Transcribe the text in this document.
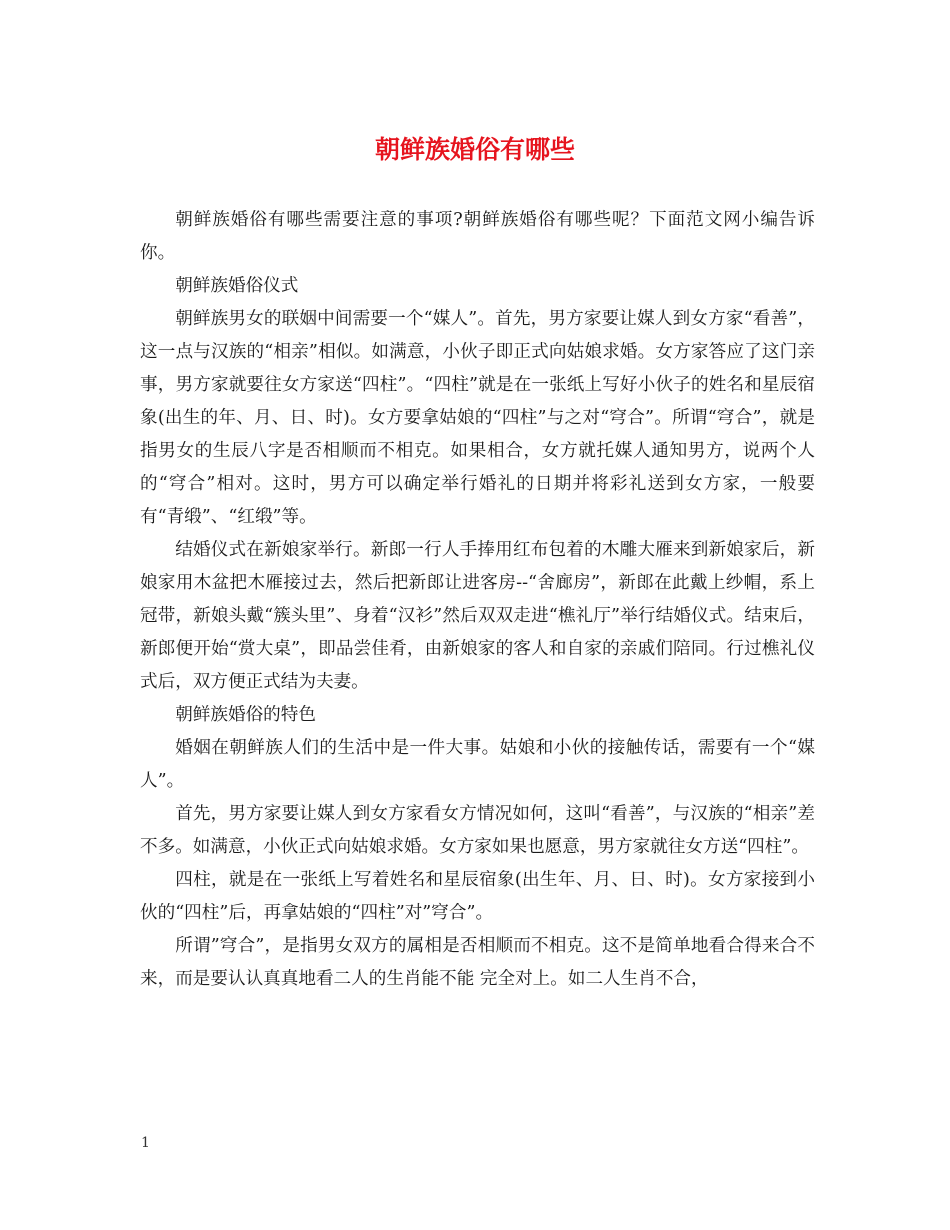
朝鲜族婚俗有哪些

朝鲜族婚俗有哪些需要注意的事项?朝鲜族婚俗有哪些呢？下面范文网小编告诉你。

朝鲜族婚俗仪式

朝鲜族男女的联姻中间需要一个“媒人”。首先，男方家要让媒人到女方家“看善”，这一点与汉族的“相亲”相似。如满意，小伙子即正式向姑娘求婚。女方家答应了这门亲事，男方家就要往女方家送“四柱”。“四柱”就是在一张纸上写好小伙子的姓名和星辰宿象(出生的年、月、日、时)。女方要拿姑娘的“四柱”与之对“穹合”。所谓“穹合”，就是指男女的生辰八字是否相顺而不相克。如果相合，女方就托媒人通知男方，说两个人的“穹合”相对。这时，男方可以确定举行婚礼的日期并将彩礼送到女方家，一般要有“青缎”、“红缎”等。

结婚仪式在新娘家举行。新郎一行人手捧用红布包着的木雕大雁来到新娘家后，新娘家用木盆把木雁接过去，然后把新郎让进客房--“舍廊房”，新郎在此戴上纱帽，系上冠带，新娘头戴“簇头里”、身着“汉衫”然后双双走进“樵礼厅”举行结婚仪式。结束后，新郎便开始“赏大桌”，即品尝佳肴，由新娘家的客人和自家的亲戚们陪同。行过樵礼仪式后，双方便正式结为夫妻。

朝鲜族婚俗的特色

婚姻在朝鲜族人们的生活中是一件大事。姑娘和小伙的接触传话，需要有一个“媒人”。

首先，男方家要让媒人到女方家看女方情况如何，这叫“看善”，与汉族的“相亲”差不多。如满意，小伙正式向姑娘求婚。女方家如果也愿意，男方家就往女方送“四柱”。

四柱，就是在一张纸上写着姓名和星辰宿象(出生年、月、日、时)。女方家接到小伙的“四柱”后，再拿姑娘的“四柱”对”穹合”。

所谓”穹合”，是指男女双方的属相是否相顺而不相克。这不是简单地看合得来合不来，而是要认认真真地看二人的生肖能不能 完全对上。如二人生肖不合，

1
